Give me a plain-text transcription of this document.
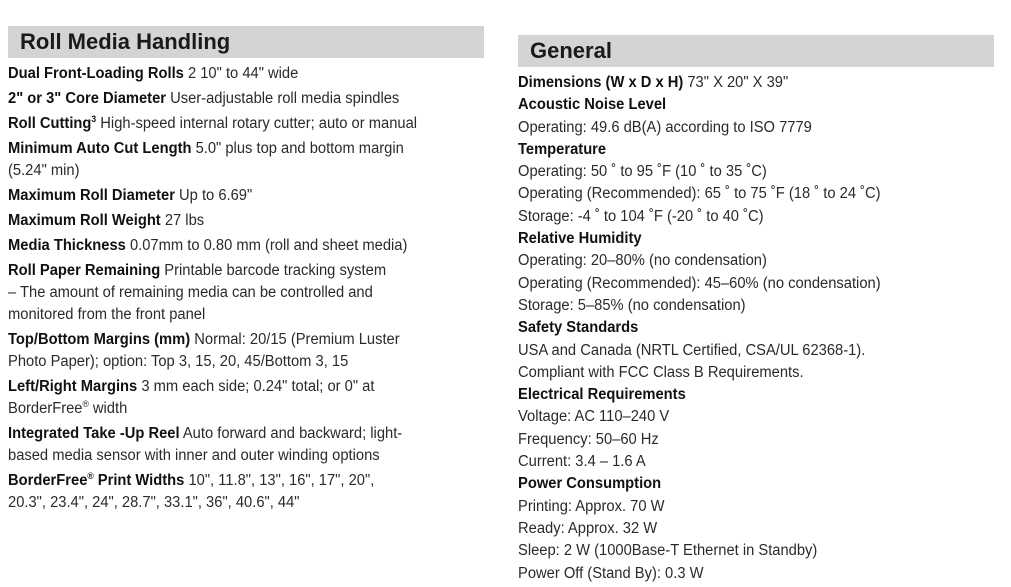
Roll Media Handling
Dual Front-Loading Rolls 2 10" to 44" wide
2" or 3" Core Diameter User-adjustable roll media spindles
Roll Cutting$^3$ High-speed internal rotary cutter; auto or manual
Minimum Auto Cut Length 5.0" plus top and bottom margin
(5.24" min)
Maximum Roll Diameter Up to 6.69"
Maximum Roll Weight 27 lbs
Media Thickness 0.07mm to 0.80 mm (roll and sheet media)
Roll Paper Remaining Printable barcode tracking system
– The amount of remaining media can be controlled and
monitored from the front panel
Top/Bottom Margins (mm) Normal: 20/15 (Premium Luster
Photo Paper); option: Top 3, 15, 20, 45/Bottom 3, 15
Left/Right Margins 3 mm each side; 0.24" total; or 0" at
BorderFree® width
Integrated Take -Up Reel Auto forward and backward; light-
based media sensor with inner and outer winding options
BorderFree® Print Widths 10", 11.8", 13", 16", 17", 20",
20.3", 23.4", 24", 28.7", 33.1", 36", 40.6", 44"
General
Dimensions (W x D x H) 73" X 20" X 39"
Acoustic Noise Level
Operating: 49.6 dB(A) according to ISO 7779
Temperature
Operating: 50 ˚ to 95 ˚F (10 ˚ to 35 ˚C)
Operating (Recommended): 65 ˚ to 75 ˚F (18 ˚ to 24 ˚C)
Storage: -4 ˚ to 104 ˚F (-20 ˚ to 40 ˚C)
Relative Humidity
Operating: 20–80% (no condensation)
Operating (Recommended): 45–60% (no condensation)
Storage: 5–85% (no condensation)
Safety Standards
USA and Canada (NRTL Certified, CSA/UL 62368-1).
Compliant with FCC Class B Requirements.
Electrical Requirements
Voltage: AC 110–240 V
Frequency: 50–60 Hz
Current: 3.4 – 1.6 A
Power Consumption
Printing: Approx. 70 W
Ready: Approx. 32 W
Sleep: 2 W (1000Base-T Ethernet in Standby)
Power Off (Stand By): 0.3 W
